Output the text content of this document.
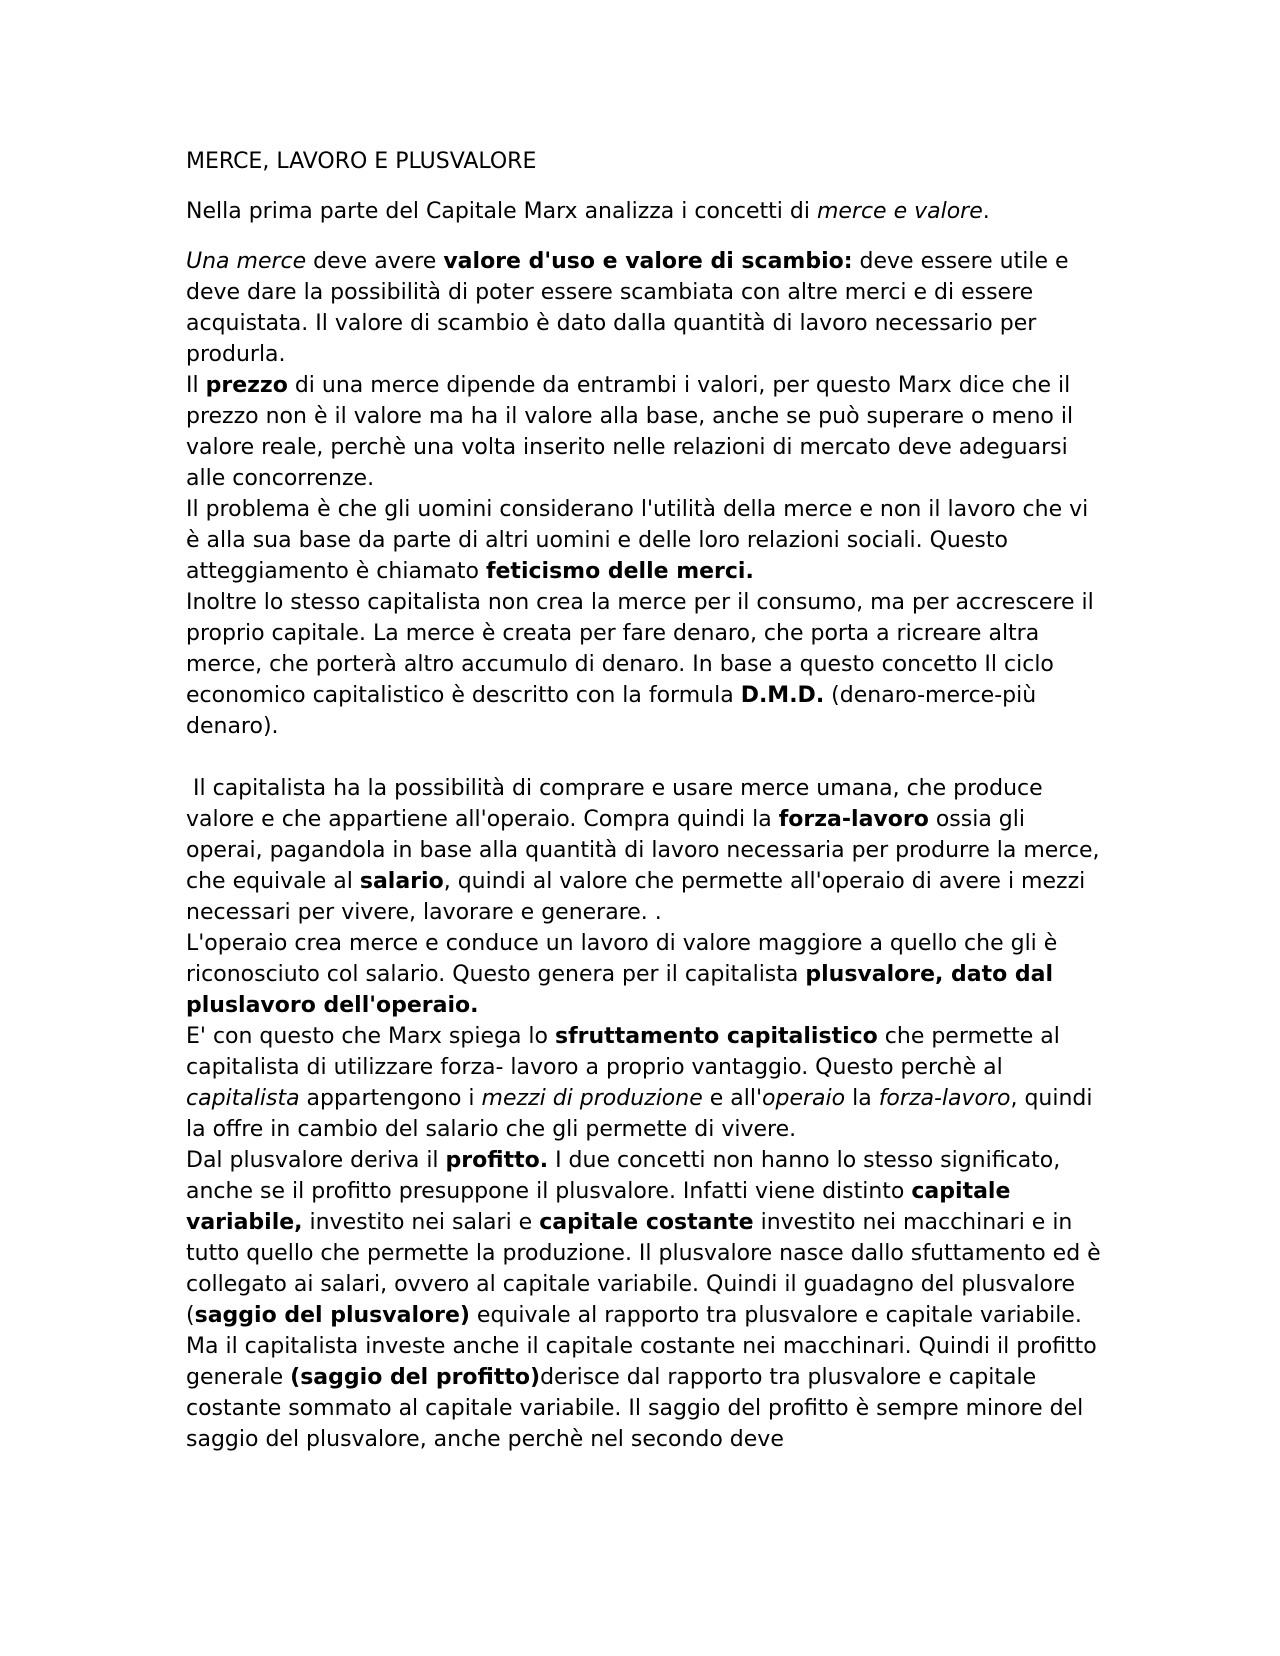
MERCE, LAVORO E PLUSVALORE

Nella prima parte del Capitale Marx analizza i concetti di merce e valore.

Una merce deve avere valore d'uso e valore di scambio: deve essere utile e deve dare la possibilità di poter essere scambiata con altre merci e di essere acquistata. Il valore di scambio è dato dalla quantità di lavoro necessario per produrla.

Il prezzo di una merce dipende da entrambi i valori, per questo Marx dice che il prezzo non è il valore ma ha il valore alla base, anche se può superare o meno il valore reale, perchè una volta inserito nelle relazioni di mercato deve adeguarsi alle concorrenze.

Il problema è che gli uomini considerano l'utilità della merce e non il lavoro che vi è alla sua base da parte di altri uomini e delle loro relazioni sociali. Questo atteggiamento è chiamato feticismo delle merci.

Inoltre lo stesso capitalista non crea la merce per il consumo, ma per accrescere il proprio capitale. La merce è creata per fare denaro, che porta a ricreare altra merce, che porterà altro accumulo di denaro. In base a questo concetto Il ciclo economico capitalistico è descritto con la formula D.M.D. (denaro-merce-più denaro).

Il capitalista ha la possibilità di comprare e usare merce umana, che produce valore e che appartiene all'operaio. Compra quindi la forza-lavoro ossia gli operai, pagandola in base alla quantità di lavoro necessaria per produrre la merce, che equivale al salario, quindi al valore che permette all'operaio di avere i mezzi necessari per vivere, lavorare e generare. .

L'operaio crea merce e conduce un lavoro di valore maggiore a quello che gli è riconosciuto col salario. Questo genera per il capitalista plusvalore, dato dal pluslavoro dell'operaio.

E' con questo che Marx spiega lo sfruttamento capitalistico che permette al capitalista di utilizzare forza- lavoro a proprio vantaggio. Questo perchè al capitalista appartengono i mezzi di produzione e all'operaio la forza-lavoro, quindi la offre in cambio del salario che gli permette di vivere.

Dal plusvalore deriva il profitto. I due concetti non hanno lo stesso significato, anche se il profitto presuppone il plusvalore. Infatti viene distinto capitale variabile, investito nei salari e capitale costante investito nei macchinari e in tutto quello che permette la produzione. Il plusvalore nasce dallo sfuttamento ed è collegato ai salari, ovvero al capitale variabile. Quindi il guadagno del plusvalore (saggio del plusvalore) equivale al rapporto tra plusvalore e capitale variabile.

Ma il capitalista investe anche il capitale costante nei macchinari. Quindi il profitto generale (saggio del profitto)derisce dal rapporto tra plusvalore e capitale costante sommato al capitale variabile. Il saggio del profitto è sempre minore del saggio del plusvalore, anche perchè nel secondo deve
